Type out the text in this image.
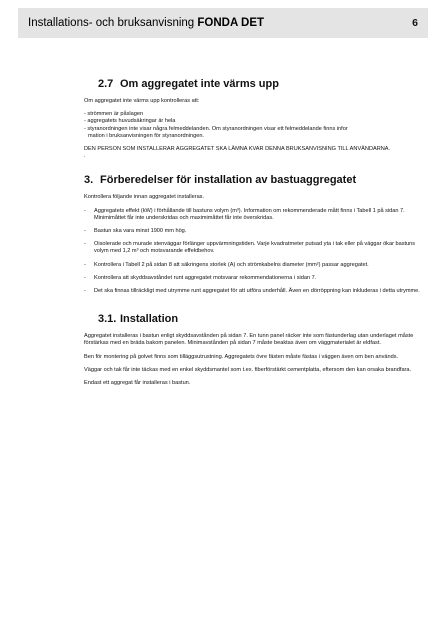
Installations- och bruksanvisning FONDA DET	6
2.7 Om aggregatet inte värms upp

Om aggregatet inte värms upp kontrolleras att:

- strömmen är påslagen

- aggregatets huvudsäkringar är hela

- styranordningen inte visar några felmeddelanden. Om styranordningen visar ett felmeddelande finns infor

mation i bruksanvisningen för styranordningen.

DEN PERSON SOM INSTALLERAR AGGREGATET SKA LÄMNA KVAR DENNA BRUKSANVISNING TILL ANVÄNDARNA.

.

3. Förberedelser för installation av bastuaggregatet

Kontrollera följande innan aggregatet installeras.

- Aggregatets effekt (kW) i förhållande till bastuns volym (m³). Information om rekommenderade mått finns i Tabell 1 på sidan 7. Minimimåttet får inte underskridas och maximimåttet får inte överskridas.
- Bastun ska vara minst 1900 mm hög.
- Oisolerade och murade stenväggar förlänger uppvärmningstiden. Varje kvadratmeter putsad yta i tak eller på väggar ökar bastuns volym med 1,2 m³ och motsvarande effektbehov.
- Kontrollera i Tabell 2 på sidan 8 att säkringens storlek (A) och strömkabelns diameter (mm²) passar aggregatet.
- Kontrollera att skyddsavståndet runt aggregatet motsvarar rekommendationerna i sidan 7.
- Det ska finnas tillräckligt med utrymme runt aggregatet för att utföra underhåll. Även en dörröppning kan inkluderas i detta utrymme.
3.1. Installation

Aggregatet installeras i bastun enligt skyddsavstånden på sidan 7. En tunn panel räcker inte som fästunderlag utan underlaget måste förstärkas med en bräda bakom panelen. Minimavstånden på sidan 7 måste beaktas även om väggmaterialet är eldfast.

Ben för montering på golvet finns som tilläggsutrustning. Aggregatets övre fästen måste fästas i väggen även om ben används.

Väggar och tak får inte täckas med en enkel skyddsmantel som t.ex. fiberförstärkt cementplatta, eftersom den kan orsaka brandfara.

Endast ett aggregat får installeras i bastun.
